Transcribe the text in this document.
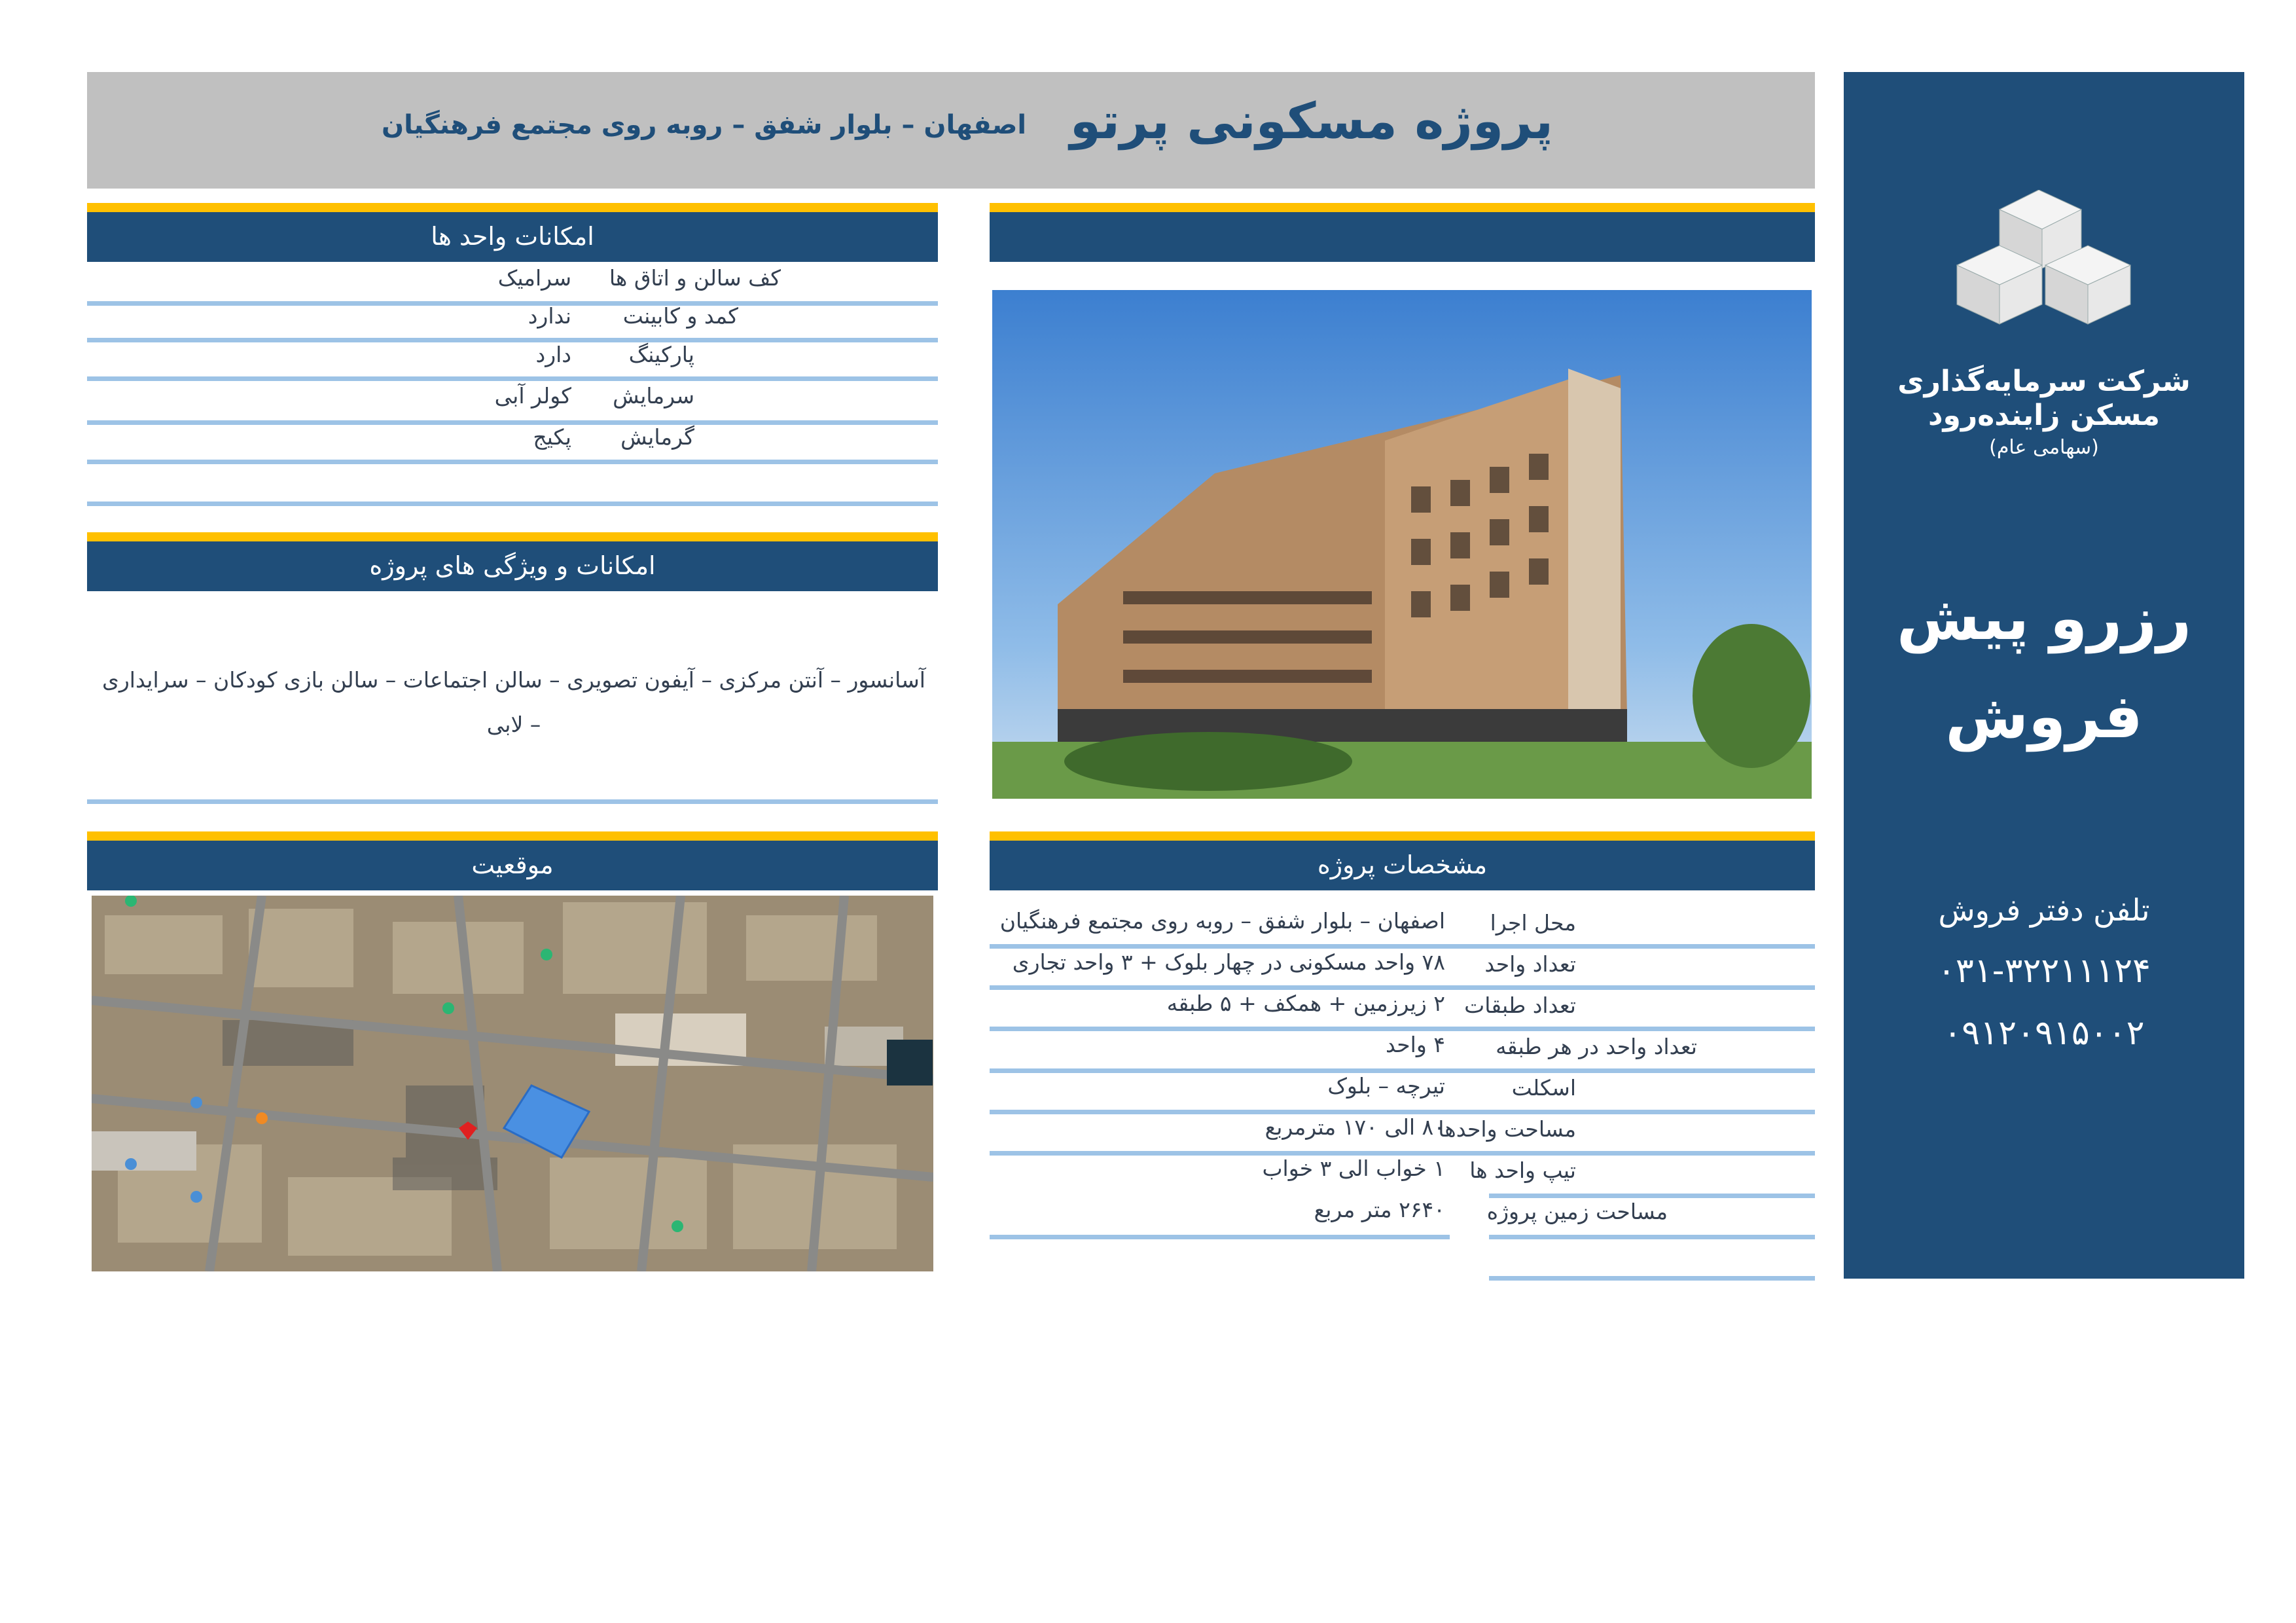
پروژه مسکونی پرتو
اصفهان – بلوار شفق – روبه روی مجتمع فرهنگیان
امکانات واحد ها
کف سالن و اتاق ها
سرامیک
کمد و کابینت
ندارد
پارکینگ
دارد
سرمایش
کولر آبی
گرمایش
پکیج
امکانات و ویژگی های پروژه
آسانسور – آنتن مرکزی – آیفون تصویری – سالن اجتماعات – سالن بازی کودکان – سرایداری – لابی
موقعیت	مشخصات پروژه
محل اجرا
اصفهان – بلوار شفق – روبه روی مجتمع فرهنگیان
تعداد واحد
۷۸ واحد مسکونی در چهار بلوک + ۳ واحد تجاری
تعداد طبقات
۲ زیرزمین + همکف + ۵ طبقه
تعداد واحد در هر طبقه
۴ واحد
اسکلت
تیرچه – بلوک
مساحت واحدها
۸۰ الی ۱۷۰ مترمربع
تیپ واحد ها
۱ خواب الی ۳ خواب
مساحت زمین پروژه
۲۶۴۰ متر مربع
شرکت سرمایه‌گذاری
مسکن زاینده‌رود
(سهامی عام)
رزرو پیش
فروش
تلفن دفتر فروش
۰۳۱-۳۲۲۱۱۱۲۴
۰۹۱۲۰۹۱۵۰۰۲
